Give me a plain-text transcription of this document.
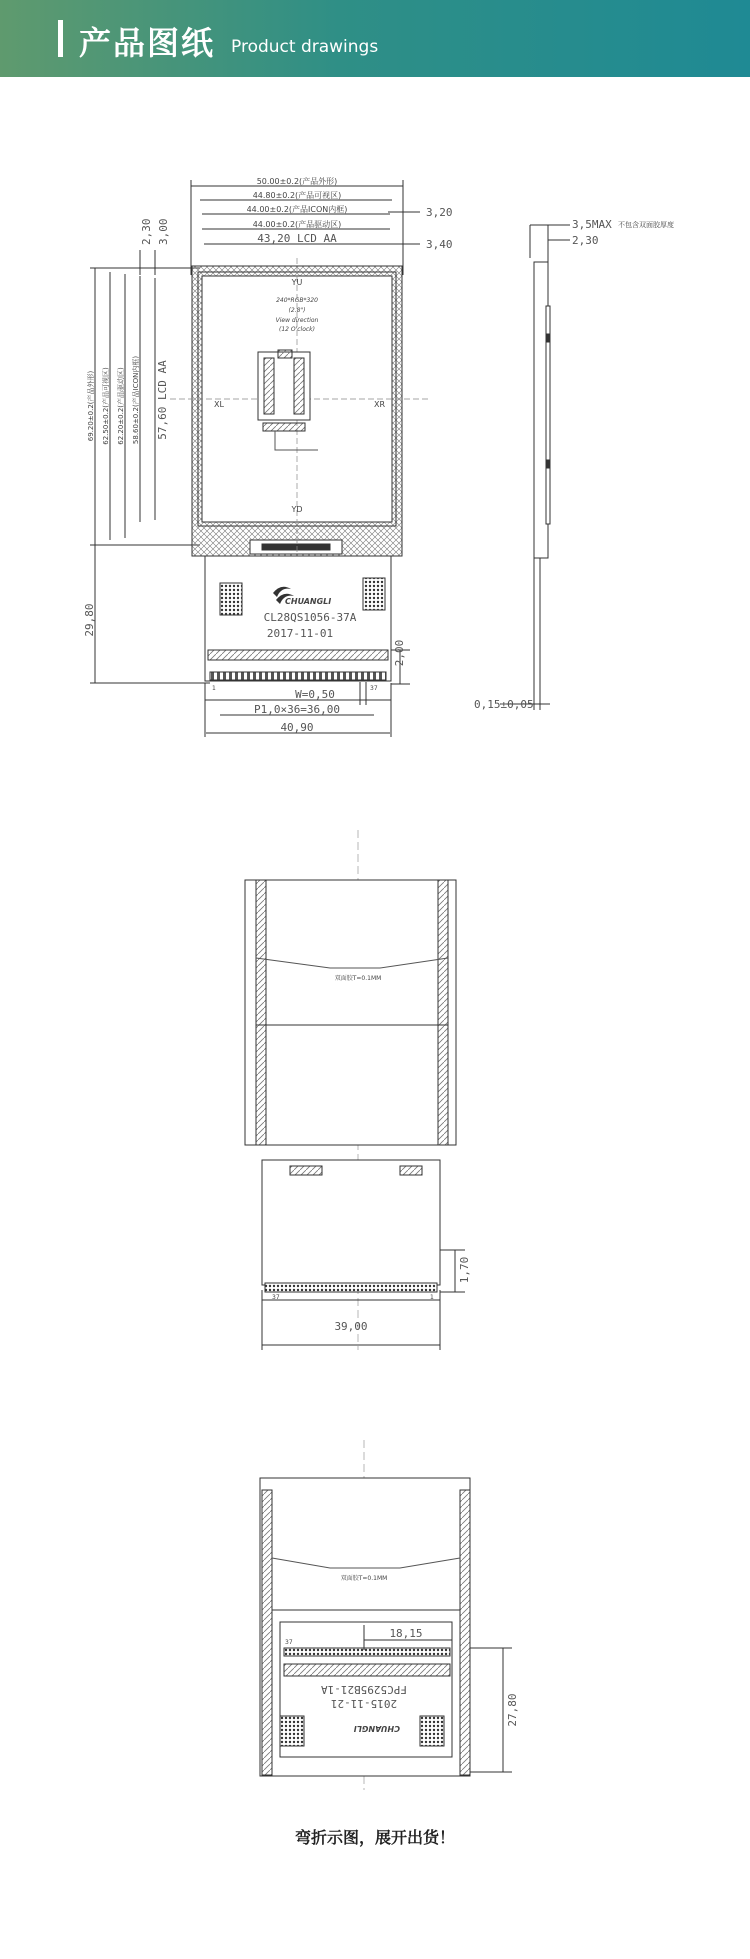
产品图纸 Product drawings
50.00±0.2(产品外形)
44.80±0.2(产品可视区)
44.00±0.2(产品ICON内框)
44.00±0.2(产品驱动区)
43,20 LCD AA
3,20
3,40
2,30 3,00
69.20±0.2(产品外形) 62.50±0.2(产品可视区) 62.20±0.2(产品驱动区) 58.60±0.2(产品ICON内框) 57,60 LCD AA
29,80
YU
YD
XL	XR
240*RGB*320
(2.8")
View direction
(12 O'clock)
CHUANGLI
CL28QS1056-37A
2017-11-01
1	37
W=0,50
P1,0×36=36,00
40,90
2,00
3,5MAX 不包含双面胶厚度
2,30
0,15±0,05
双面胶T=0.1MM
1,70
39,00
37	1
双面胶T=0.1MM
18,15
27,80
37
FPC5295B21-1A
2015-11-21
CHUANGLI
弯折示图，展开出货！
